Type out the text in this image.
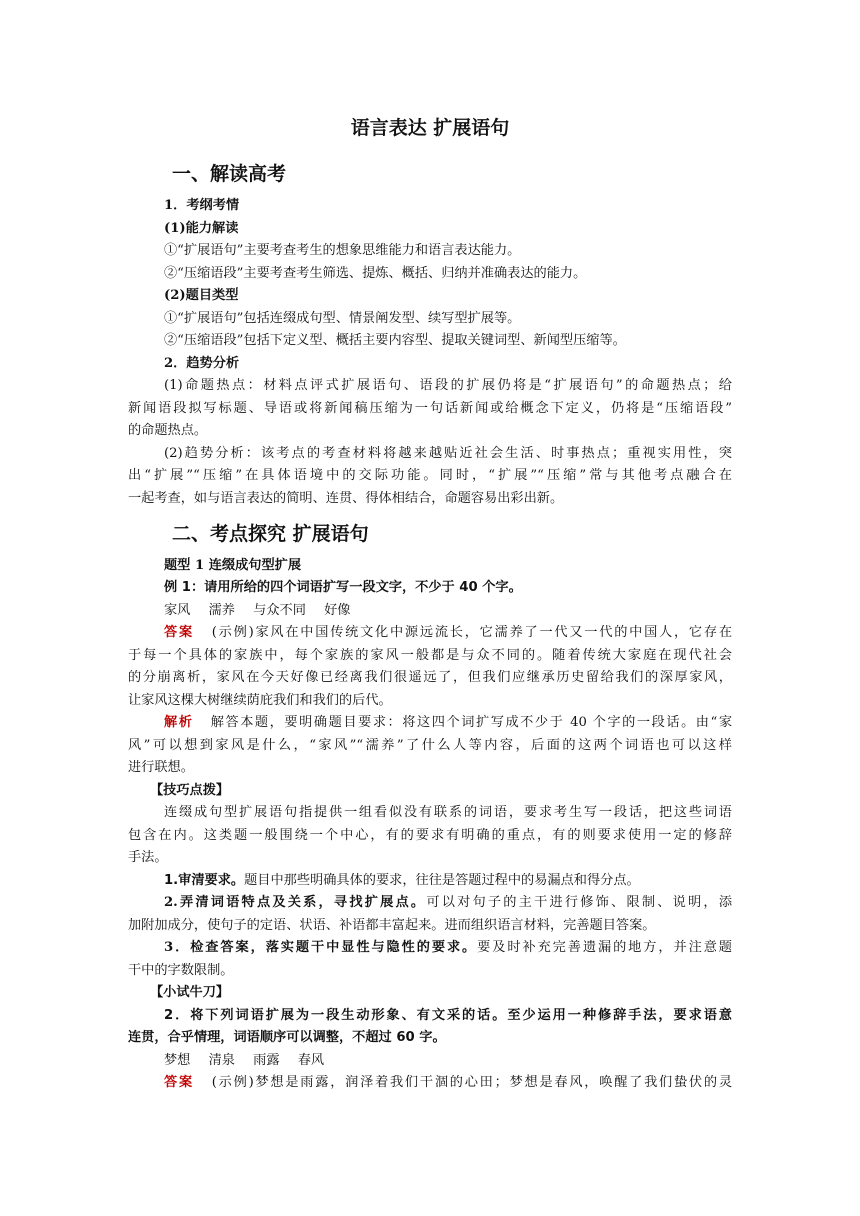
语言表达 扩展语句
一、解读高考
1．考纲考情
(1)能力解读
①“扩展语句”主要考查考生的想象思维能力和语言表达能力。
②“压缩语段”主要考查考生筛选、提炼、概括、归纳并准确表达的能力。
(2)题目类型
①“扩展语句”包括连缀成句型、情景阐发型、续写型扩展等。
②“压缩语段”包括下定义型、概括主要内容型、提取关键词型、新闻型压缩等。
2．趋势分析
(1)命题热点：材料点评式扩展语句、语段的扩展仍将是“扩展语句”的命题热点；给
新闻语段拟写标题、导语或将新闻稿压缩为一句话新闻或给概念下定义，仍将是“压缩语段”
的命题热点。
(2)趋势分析：该考点的考查材料将越来越贴近社会生活、时事热点；重视实用性，突
出“扩展”“压缩”在具体语境中的交际功能。同时，“扩展”“压缩”常与其他考点融合在
一起考查，如与语言表达的简明、连贯、得体相结合，命题容易出彩出新。
二、考点探究 扩展语句
题型 1 连缀成句型扩展
例 1：请用所给的四个词语扩写一段文字，不少于 40 个字。
家风 濡养 与众不同 好像
答案 (示例)家风在中国传统文化中源远流长，它濡养了一代又一代的中国人，它存在
于每一个具体的家族中，每个家族的家风一般都是与众不同的。随着传统大家庭在现代社会
的分崩离析，家风在今天好像已经离我们很遥远了，但我们应继承历史留给我们的深厚家风，
让家风这棵大树继续荫庇我们和我们的后代。
解析 解答本题，要明确题目要求：将这四个词扩写成不少于 40 个字的一段话。由“家
风”可以想到家风是什么，“家风”“濡养”了什么人等内容，后面的这两个词语也可以这样
进行联想。
【技巧点拨】
连缀成句型扩展语句指提供一组看似没有联系的词语，要求考生写一段话，把这些词语
包含在内。这类题一般围绕一个中心，有的要求有明确的重点，有的则要求使用一定的修辞
手法。
1.审清要求。题目中那些明确具体的要求，往往是答题过程中的易漏点和得分点。
2.弄清词语特点及关系，寻找扩展点。可以对句子的主干进行修饰、限制、说明，添
加附加成分，使句子的定语、状语、补语都丰富起来。进而组织语言材料，完善题目答案。
3．检查答案，落实题干中显性与隐性的要求。要及时补充完善遗漏的地方，并注意题
干中的字数限制。
【小试牛刀】
2．将下列词语扩展为一段生动形象、有文采的话。至少运用一种修辞手法，要求语意
连贯，合乎情理，词语顺序可以调整，不超过 60 字。
梦想 清泉 雨露 春风
答案 (示例)梦想是雨露，润泽着我们干涸的心田；梦想是春风，唤醒了我们蛰伏的灵
